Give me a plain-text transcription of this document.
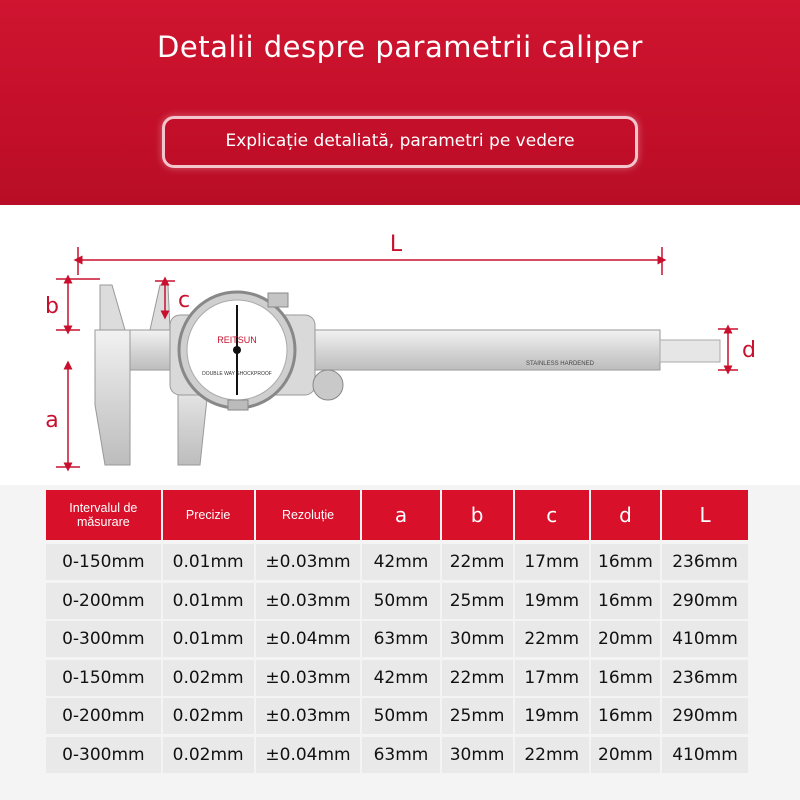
Detalii despre parametrii caliper
Explicație detaliată, parametri pe vedere
REITSUN
DOUBLE WAY SHOCKPROOF
STAINLESS HARDENED
L
b
a
c
d
Intervalul de măsurare	Precizie	Rezoluție	a	b	c	d	L
0-150mm	0.01mm	±0.03mm	42mm	22mm	17mm	16mm	236mm
0-200mm	0.01mm	±0.03mm	50mm	25mm	19mm	16mm	290mm
0-300mm	0.01mm	±0.04mm	63mm	30mm	22mm	20mm	410mm
0-150mm	0.02mm	±0.03mm	42mm	22mm	17mm	16mm	236mm
0-200mm	0.02mm	±0.03mm	50mm	25mm	19mm	16mm	290mm
0-300mm	0.02mm	±0.04mm	63mm	30mm	22mm	20mm	410mm
